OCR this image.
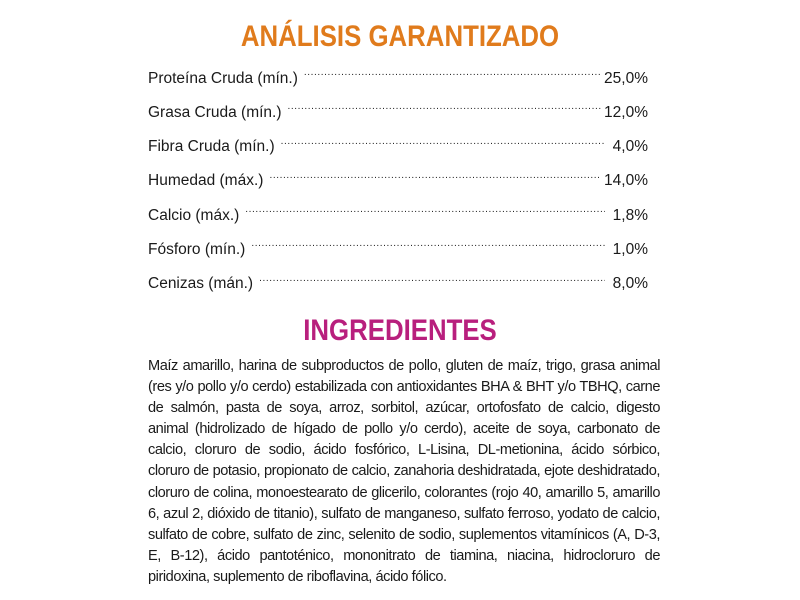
ANÁLISIS GARANTIZADO
Proteína Cruda (mín.) .....	25,0%
Grasa Cruda (mín.) .....	12,0%
Fibra Cruda (mín.) .....	4,0%
Humedad (máx.) .....	14,0%
Calcio (máx.) .....	1,8%
Fósforo (mín.) .....	1,0%
Cenizas (mán.) .....	8,0%
INGREDIENTES

Maíz amarillo, harina de subproductos de pollo, gluten de maíz, trigo, grasa animal (res y/o pollo y/o cerdo) estabilizada con antioxidantes BHA & BHT y/o TBHQ, carne de salmón, pasta de soya, arroz, sorbitol, azúcar, ortofosfato de calcio, digesto animal (hidrolizado de hígado de pollo y/o cerdo), aceite de soya, carbonato de calcio, cloruro de sodio, ácido fosfórico, L-Lisina, DL-metionina, ácido sórbico, cloruro de potasio, propionato de calcio, zanahoria deshidratada, ejote deshidratado, cloruro de colina, monoestearato de glicerilo, colorantes (rojo 40, amarillo 5, amarillo 6, azul 2, dióxido de titanio), sulfato de manganeso, sulfato ferroso, yodato de calcio, sulfato de cobre, sulfato de zinc, selenito de sodio, suplementos vitamínicos (A, D-3, E, B-12), ácido pantoténico, mononitrato de tiamina, niacina, hidrocloruro de piridoxina, suplemento de riboflavina, ácido fólico.
